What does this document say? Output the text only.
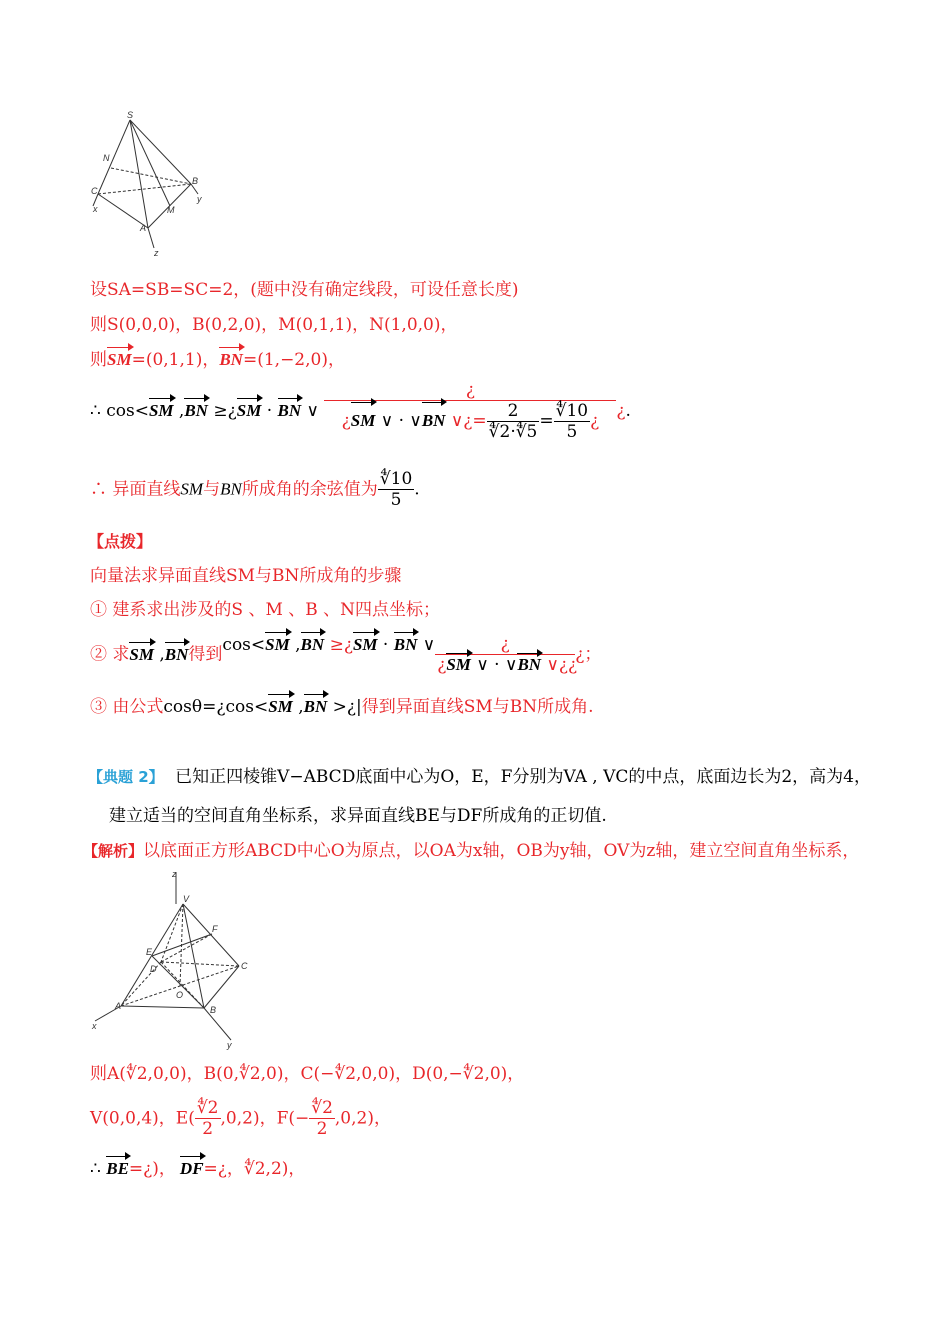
S
N
C
B
y
x	M
A
z
设SA=SB=SC=2，(题中没有确定线段，可设任意长度)
则S(0,0,0)，B(0,2,0)，M(0,1,1)，N(1,0,0)，
则SM=(0,1,1)，BN=(1,−2,0)，
∴ cos<SM ,BN ≥¿SM · BN ∨ $\frac{¿}{¿SM \vee \cdot \vee BN \vee¿= \frac{2}{∜2\cdot∜5} = \frac{∜10}{5} ¿}$ ¿.
∴ 异面直线SM与BN所成角的余弦值为 $\frac{∜10}{5}$ .
【点拨】
向量法求异面直线SM与BN所成角的步骤
① 建系求出涉及的S 、M 、B 、N四点坐标；
② 求SM ,BN得到cos<SM ,BN ≥¿SM · BN ∨ $\frac{¿}{¿SM \vee \cdot \vee BN \vee¿¿}$ ¿；
③ 由公式cosθ=¿cos<SM ,BN >¿|得到异面直线SM与BN所成角.
【典题 2】 已知正四棱锥V−ABCD底面中心为O，E，F分别为VA , VC的中点，底面边长为2，高为4，
建立适当的空间直角坐标系，求异面直线BE与DF所成角的正切值.
【解析】以底面正方形ABCD中心O为原点，以OA为x轴，OB为y轴，OV为z轴，建立空间直角坐标系，
z
V
F
E
D	C
O
A	B
x
y
则A(∜2,0,0)，B(0,∜2,0)，C(−∜2,0,0)，D(0,−∜2,0)，
V(0,0,4)，$E( \frac{∜2}{2} ,0,2)$，$F(- \frac{∜2}{2} ,0,2)$，
∴ BE=¿)， DF=¿，∜2,2)，
